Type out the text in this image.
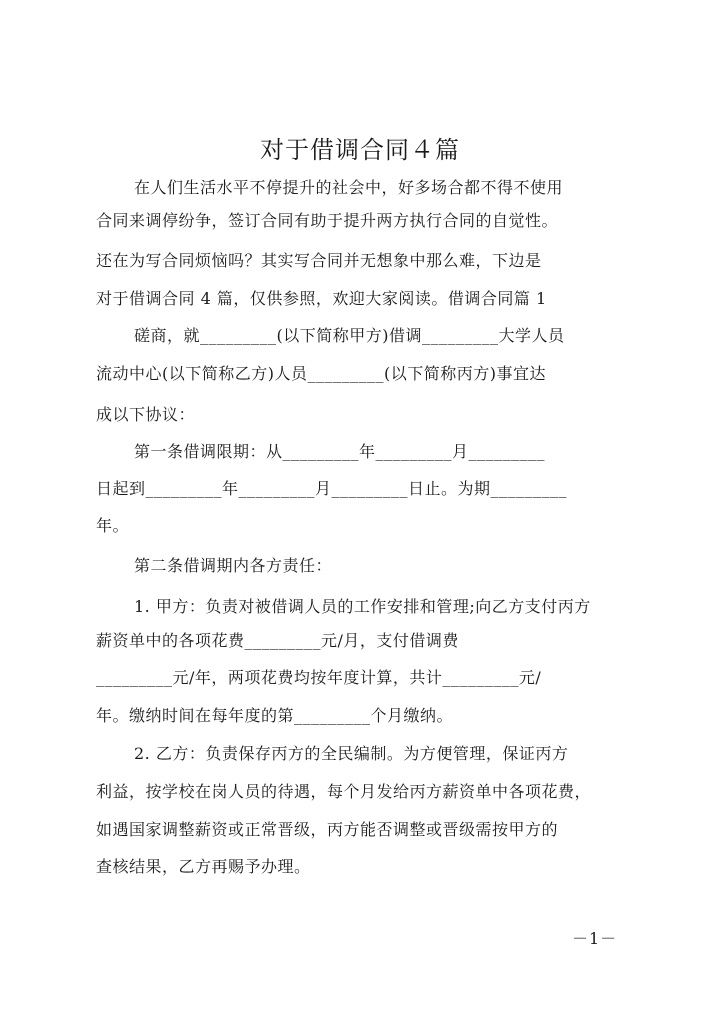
对于借调合同４篇
在人们生活水平不停提升的社会中，好多场合都不得不使用
合同来调停纷争，签订合同有助于提升两方执行合同的自觉性。
还在为写合同烦恼吗？其实写合同并无想象中那么难，下边是
对于借调合同 4 篇，仅供参照，欢迎大家阅读。借调合同篇 1
磋商，就_________(以下简称甲方)借调_________大学人员
流动中心(以下简称乙方)人员_________(以下简称丙方)事宜达
成以下协议：
第一条借调限期：从_________年_________月_________
日起到_________年_________月_________日止。为期_________
年。
第二条借调期内各方责任：
1. 甲方：负责对被借调人员的工作安排和管理;向乙方支付丙方
薪资单中的各项花费_________元/月，支付借调费
_________元/年，两项花费均按年度计算，共计_________元/
年。缴纳时间在每年度的第_________个月缴纳。
2. 乙方：负责保存丙方的全民编制。为方便管理，保证丙方
利益，按学校在岗人员的待遇，每个月发给丙方薪资单中各项花费，
如遇国家调整薪资或正常晋级，丙方能否调整或晋级需按甲方的
查核结果，乙方再赐予办理。
－1－
